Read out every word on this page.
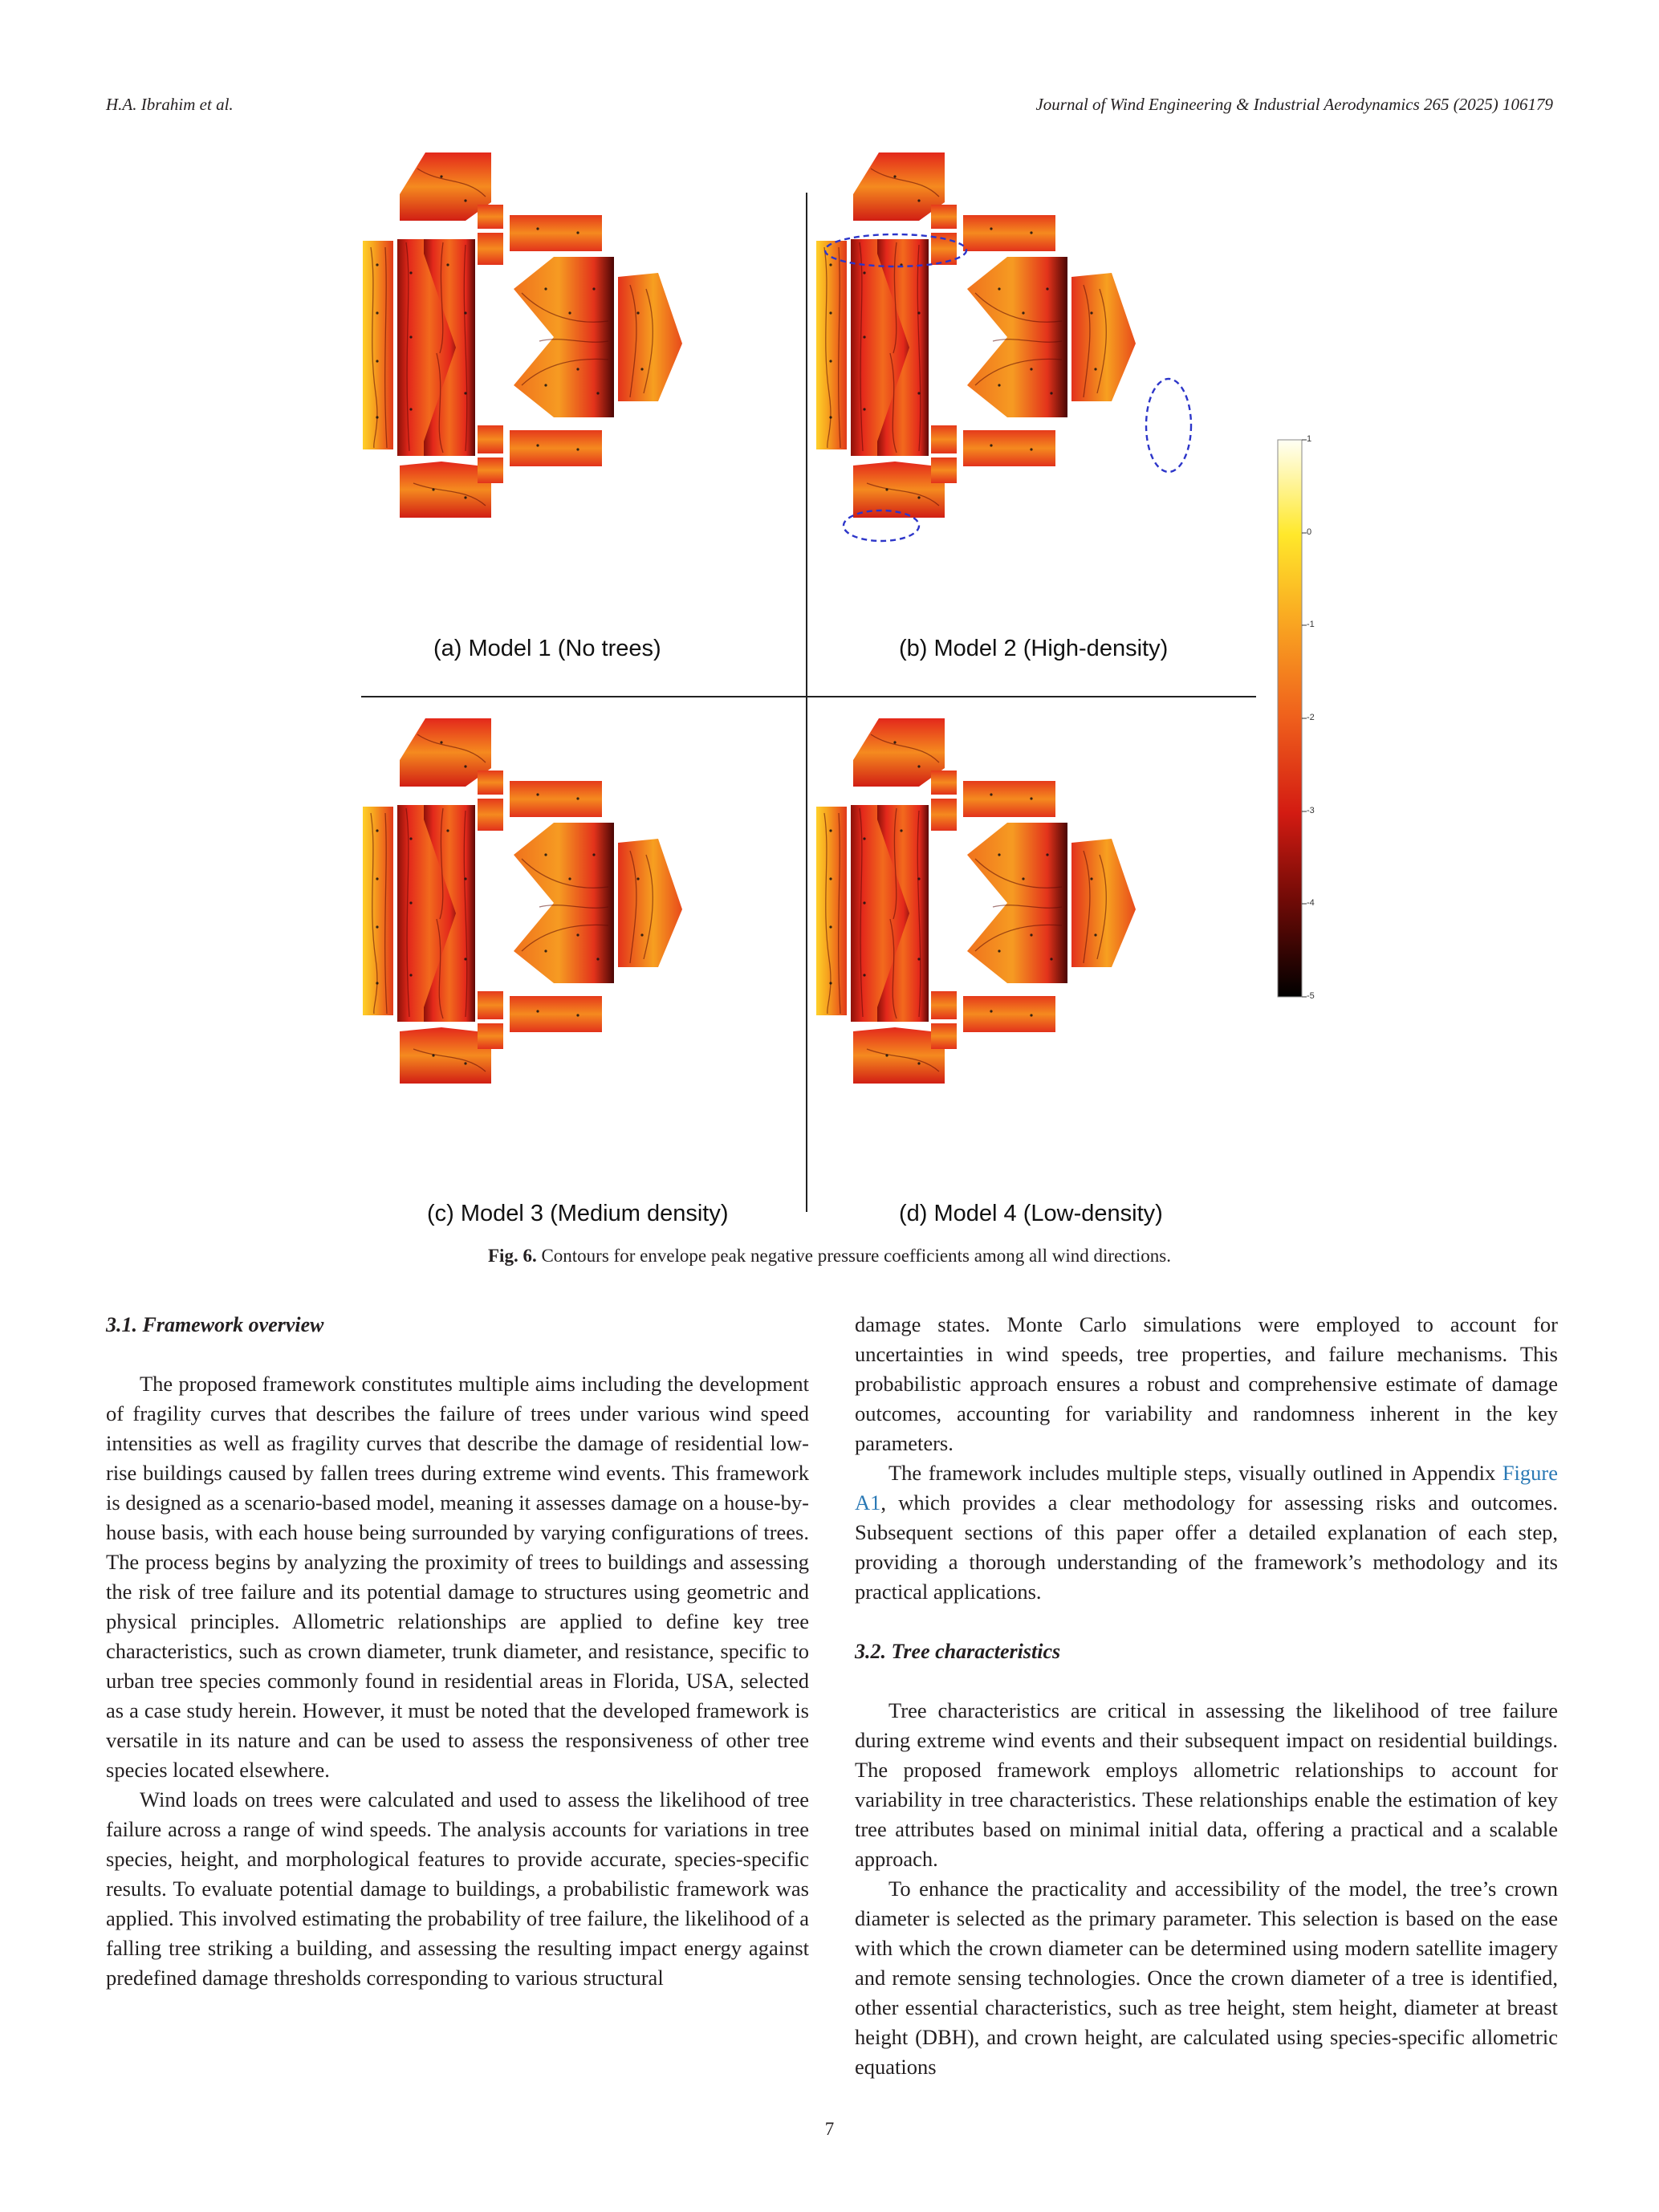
H.A. Ibrahim et al.	Journal of Wind Engineering & Industrial Aerodynamics 265 (2025) 106179
(a) Model 1 (No trees)	(b) Model 2 (High-density)
(c) Model 3 (Medium density)	(d) Model 4 (Low-density)
1
0
-1
-2
-3
-4
-5
Fig. 6. Contours for envelope peak negative pressure coefficients among all wind directions.
3.1. Framework overview

The proposed framework constitutes multiple aims including the development of fragility curves that describes the failure of trees under various wind speed intensities as well as fragility curves that describe the damage of residential low-rise buildings caused by fallen trees during extreme wind events. This framework is designed as a scenario-based model, meaning it assesses damage on a house-by-house basis, with each house being surrounded by varying configurations of trees. The process begins by analyzing the proximity of trees to buildings and assessing the risk of tree failure and its potential damage to structures using geometric and physical principles. Allometric relationships are applied to define key tree characteristics, such as crown diameter, trunk diameter, and resistance, specific to urban tree species commonly found in residential areas in Florida, USA, selected as a case study herein. However, it must be noted that the developed framework is versatile in its nature and can be used to assess the responsiveness of other tree species located elsewhere.

Wind loads on trees were calculated and used to assess the likelihood of tree failure across a range of wind speeds. The analysis accounts for variations in tree species, height, and morphological features to provide accurate, species-specific results. To evaluate potential damage to buildings, a probabilistic framework was applied. This involved estimating the probability of tree failure, the likelihood of a falling tree striking a building, and assessing the resulting impact energy against predefined damage thresholds corresponding to various structural

damage states. Monte Carlo simulations were employed to account for uncertainties in wind speeds, tree properties, and failure mechanisms. This probabilistic approach ensures a robust and comprehensive estimate of damage outcomes, accounting for variability and randomness inherent in the key parameters.

The framework includes multiple steps, visually outlined in Appendix Figure A1, which provides a clear methodology for assessing risks and outcomes. Subsequent sections of this paper offer a detailed explanation of each step, providing a thorough understanding of the framework’s methodology and its practical applications.

3.2. Tree characteristics

Tree characteristics are critical in assessing the likelihood of tree failure during extreme wind events and their subsequent impact on residential buildings. The proposed framework employs allometric relationships to account for variability in tree characteristics. These relationships enable the estimation of key tree attributes based on minimal initial data, offering a practical and a scalable approach.

To enhance the practicality and accessibility of the model, the tree’s crown diameter is selected as the primary parameter. This selection is based on the ease with which the crown diameter can be determined using modern satellite imagery and remote sensing technologies. Once the crown diameter of a tree is identified, other essential characteristics, such as tree height, stem height, diameter at breast height (DBH), and crown height, are calculated using species-specific allometric equations

7
